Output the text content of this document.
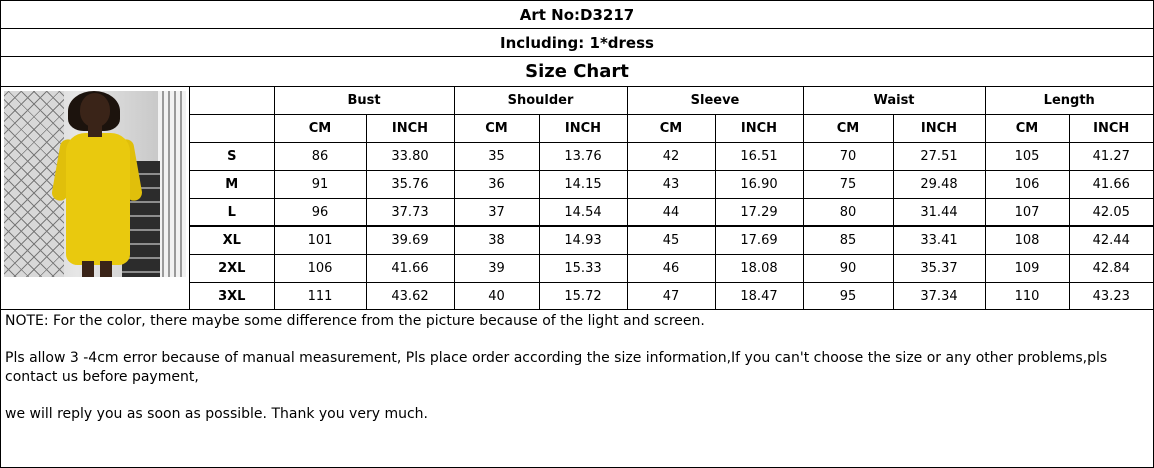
Art No:D3217
Including: 1*dress
Size Chart
	Bust		Shoulder		Sleeve		Waist		Length	
	CM	INCH	CM	INCH	CM	INCH	CM	INCH	CM	INCH
S	86	33.80	35	13.76	42	16.51	70	27.51	105	41.27
M	91	35.76	36	14.15	43	16.90	75	29.48	106	41.66
L	96	37.73	37	14.54	44	17.29	80	31.44	107	42.05
XL	101	39.69	38	14.93	45	17.69	85	33.41	108	42.44
2XL	106	41.66	39	15.33	46	18.08	90	35.37	109	42.84
3XL	111	43.62	40	15.72	47	18.47	95	37.34	110	43.23

NOTE: For the color, there maybe some difference from the picture because of the light and screen.

Pls allow 3 -4cm error because of manual measurement, Pls place order according the size information,If you can't choose the size or any other problems,pls contact us before payment,

we will reply you as soon as possible. Thank you very much.
